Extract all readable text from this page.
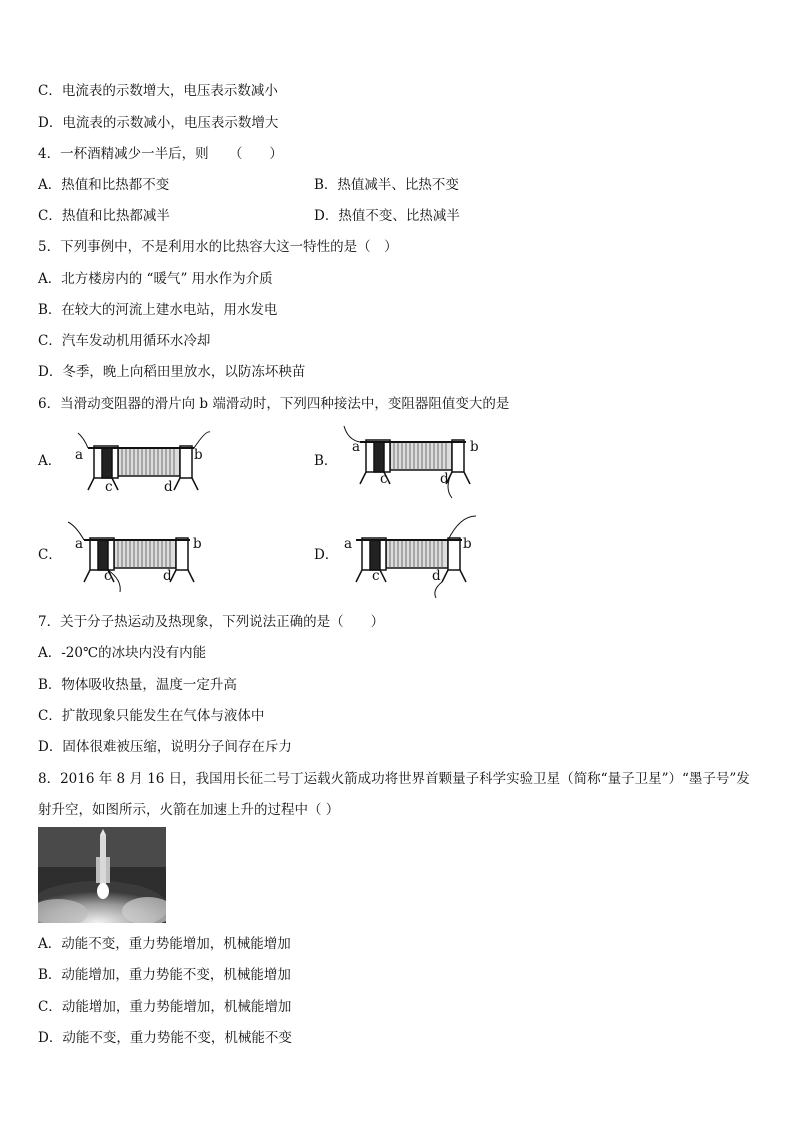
C．电流表的示数增大，电压表示数减小
D．电流表的示数减小，电压表示数增大
4．一杯酒精减少一半后，则　　（　　）
A．热值和比热都不变	B．热值减半、比热不变
C．热值和比热都减半	D．热值不变、比热减半
5．下列事例中，不是利用水的比热容大这一特性的是（　）
A．北方楼房内的 “暖气” 用水作为介质
B．在较大的河流上建水电站，用水发电
C．汽车发动机用循环水冷却
D．冬季，晚上向稻田里放水，以防冻坏秧苗
6．当滑动变阻器的滑片向 b 端滑动时，下列四种接法中，变阻器阻值变大的是
A． a	b
c	d
B．
a	b
c	d
C．
a	b
c	d
D．
a	b
c	d
7．关于分子热运动及热现象，下列说法正确的是（　　）
A．-20℃的冰块内没有内能
B．物体吸收热量，温度一定升高
C．扩散现象只能发生在气体与液体中
D．固体很难被压缩，说明分子间存在斥力
8．2016 年 8 月 16 日，我国用长征二号丁运载火箭成功将世界首颗量子科学实验卫星（简称“量子卫星”）“墨子号”发
射升空，如图所示，火箭在加速上升的过程中（ ）
A．动能不变，重力势能增加，机械能增加
B．动能增加，重力势能不变，机械能增加
C．动能增加，重力势能增加，机械能增加
D．动能不变，重力势能不变，机械能不变
